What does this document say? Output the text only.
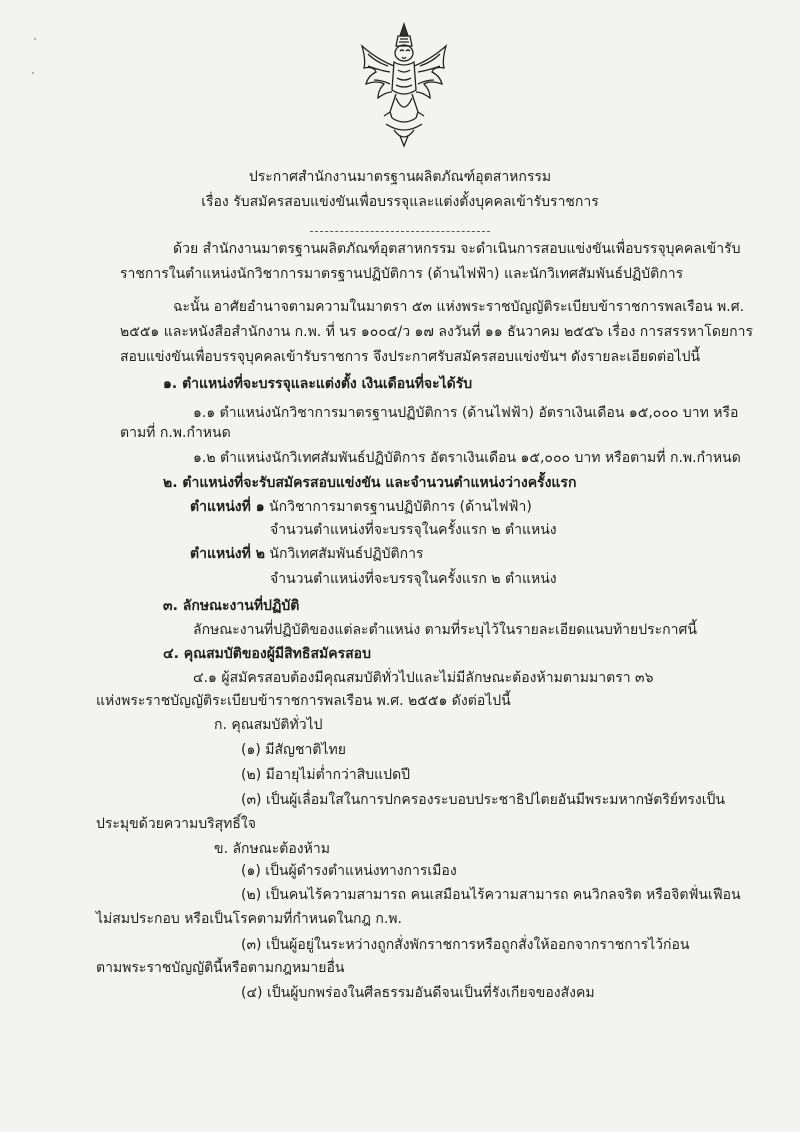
ประกาศสำนักงานมาตรฐานผลิตภัณฑ์อุตสาหกรรม
เรื่อง รับสมัครสอบแข่งขันเพื่อบรรจุและแต่งตั้งบุคคลเข้ารับราชการ
ด้วย สำนักงานมาตรฐานผลิตภัณฑ์อุตสาหกรรม จะดำเนินการสอบแข่งขันเพื่อบรรจุบุคคลเข้ารับ
ราชการในตำแหน่งนักวิชาการมาตรฐานปฏิบัติการ (ด้านไฟฟ้า) และนักวิเทศสัมพันธ์ปฏิบัติการ
ฉะนั้น อาศัยอำนาจตามความในมาตรา ๕๓ แห่งพระราชบัญญัติระเบียบข้าราชการพลเรือน พ.ศ.
๒๕๕๑ และหนังสือสำนักงาน ก.พ. ที่ นร ๑๐๐๔/ว ๑๗ ลงวันที่ ๑๑ ธันวาคม ๒๕๕๖ เรื่อง การสรรหาโดยการ
สอบแข่งขันเพื่อบรรจุบุคคลเข้ารับราชการ จึงประกาศรับสมัครสอบแข่งขันฯ ดังรายละเอียดต่อไปนี้
๑. ตำแหน่งที่จะบรรจุและแต่งตั้ง เงินเดือนที่จะได้รับ
๑.๑ ตำแหน่งนักวิชาการมาตรฐานปฏิบัติการ (ด้านไฟฟ้า) อัตราเงินเดือน ๑๕,๐๐๐ บาท หรือ
ตามที่ ก.พ.กำหนด
๑.๒ ตำแหน่งนักวิเทศสัมพันธ์ปฏิบัติการ อัตราเงินเดือน ๑๕,๐๐๐ บาท หรือตามที่ ก.พ.กำหนด
๒. ตำแหน่งที่จะรับสมัครสอบแข่งขัน และจำนวนตำแหน่งว่างครั้งแรก
ตำแหน่งที่ ๑ นักวิชาการมาตรฐานปฏิบัติการ (ด้านไฟฟ้า)
จำนวนตำแหน่งที่จะบรรจุในครั้งแรก ๒ ตำแหน่ง
ตำแหน่งที่ ๒ นักวิเทศสัมพันธ์ปฏิบัติการ
จำนวนตำแหน่งที่จะบรรจุในครั้งแรก ๒ ตำแหน่ง
๓. ลักษณะงานที่ปฏิบัติ
ลักษณะงานที่ปฏิบัติของแต่ละตำแหน่ง ตามที่ระบุไว้ในรายละเอียดแนบท้ายประกาศนี้
๔. คุณสมบัติของผู้มีสิทธิสมัครสอบ
๔.๑ ผู้สมัครสอบต้องมีคุณสมบัติทั่วไปและไม่มีลักษณะต้องห้ามตามมาตรา ๓๖
แห่งพระราชบัญญัติระเบียบข้าราชการพลเรือน พ.ศ. ๒๕๕๑ ดังต่อไปนี้
ก. คุณสมบัติทั่วไป
(๑) มีสัญชาติไทย
(๒) มีอายุไม่ต่ำกว่าสิบแปดปี
(๓) เป็นผู้เลื่อมใสในการปกครองระบอบประชาธิปไตยอันมีพระมหากษัตริย์ทรงเป็น
ประมุขด้วยความบริสุทธิ์ใจ
ข. ลักษณะต้องห้าม
(๑) เป็นผู้ดำรงตำแหน่งทางการเมือง
(๒) เป็นคนไร้ความสามารถ คนเสมือนไร้ความสามารถ คนวิกลจริต หรือจิตฟั่นเฟือน
ไม่สมประกอบ หรือเป็นโรคตามที่กำหนดในกฎ ก.พ.
(๓) เป็นผู้อยู่ในระหว่างถูกสั่งพักราชการหรือถูกสั่งให้ออกจากราชการไว้ก่อน
ตามพระราชบัญญัตินี้หรือตามกฎหมายอื่น
(๔) เป็นผู้บกพร่องในศีลธรรมอันดีจนเป็นที่รังเกียจของสังคม
